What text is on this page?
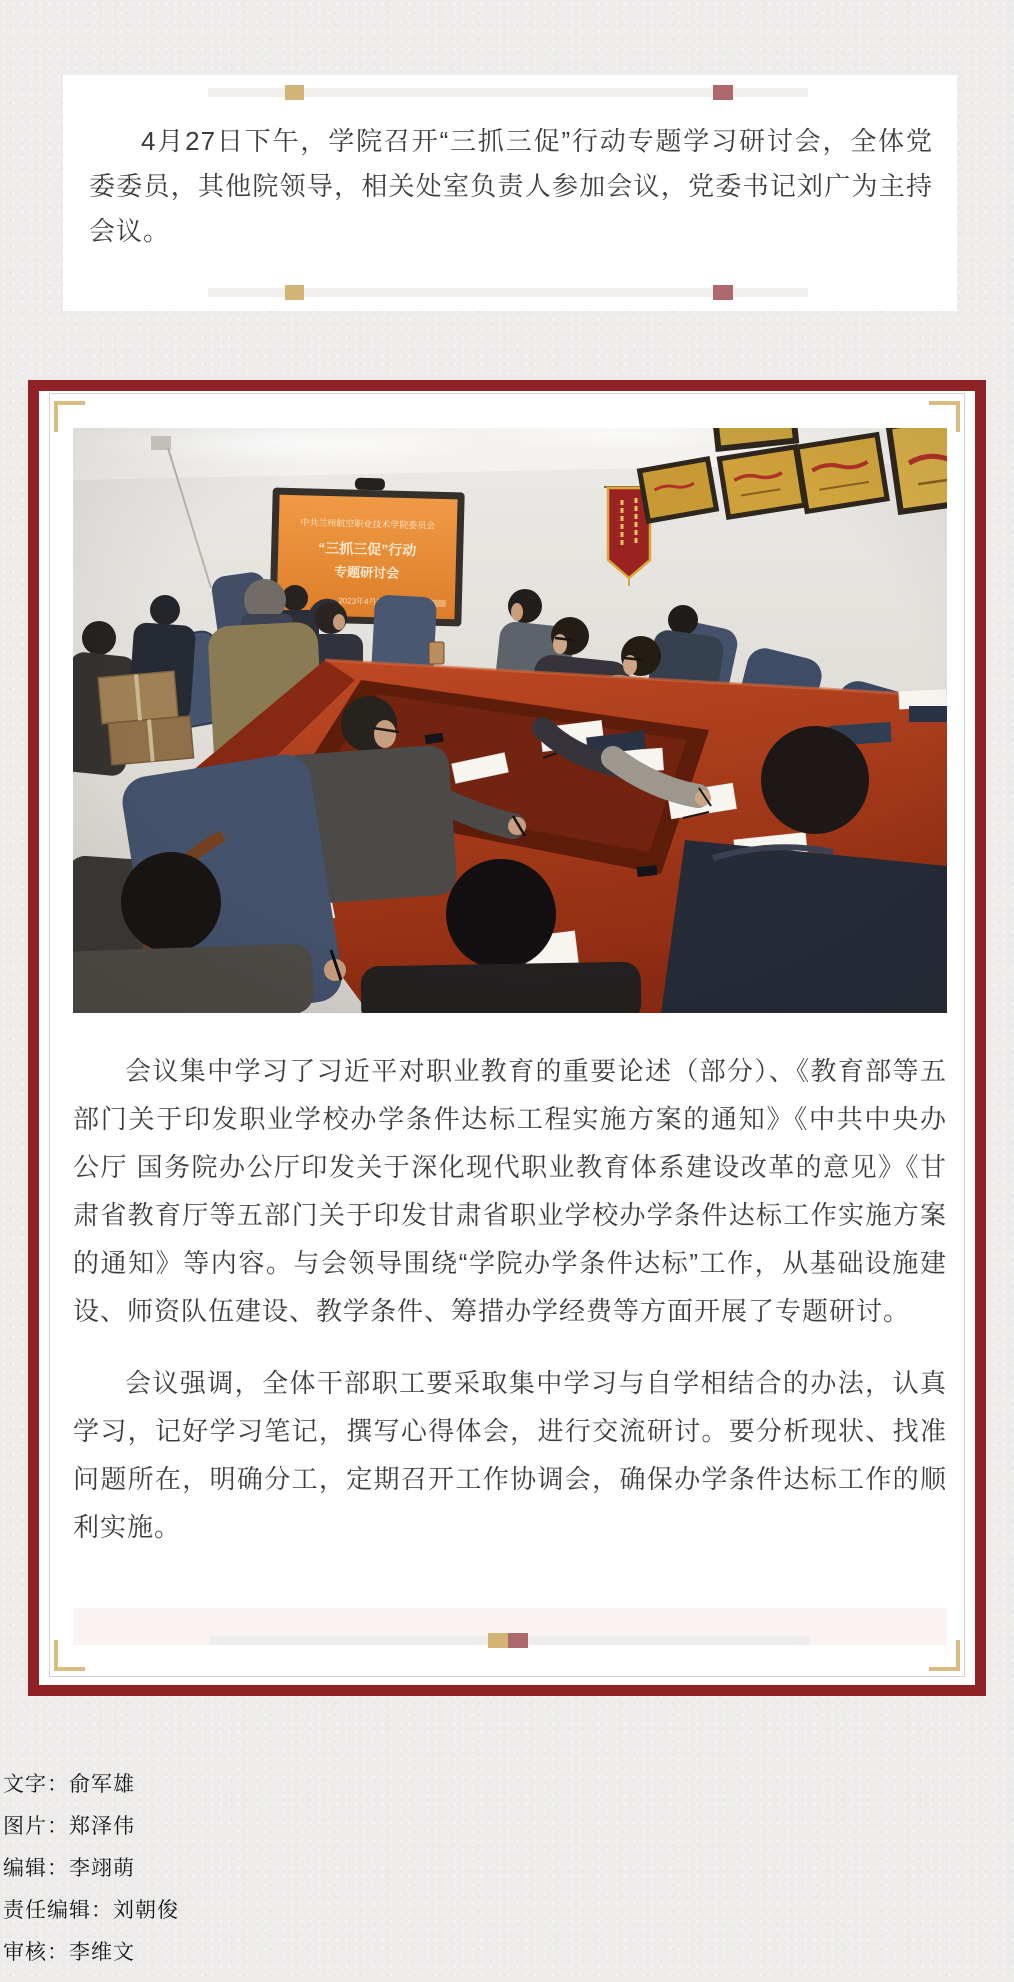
4月27日下午，学院召开“三抓三促”行动专题学习研讨会，全体党委委员，其他院领导，相关处室负责人参加会议，党委书记刘广为主持会议。

会议集中学习了习近平对职业教育的重要论述（部分）、《教育部等五部门关于印发职业学校办学条件达标工程实施方案的通知》《中共中央办公厅 国务院办公厅印发关于深化现代职业教育体系建设改革的意见》《甘肃省教育厅等五部门关于印发甘肃省职业学校办学条件达标工作实施方案的通知》等内容。与会领导围绕“学院办学条件达标”工作，从基础设施建设、师资队伍建设、教学条件、筹措办学经费等方面开展了专题研讨。

会议强调，全体干部职工要采取集中学习与自学相结合的办法，认真学习，记好学习笔记，撰写心得体会，进行交流研讨。要分析现状、找准问题所在，明确分工，定期召开工作协调会，确保办学条件达标工作的顺利实施。

文字：俞军雄
图片：郑泽伟
编辑：李翊萌
责任编辑：刘朝俊
审核：李维文
